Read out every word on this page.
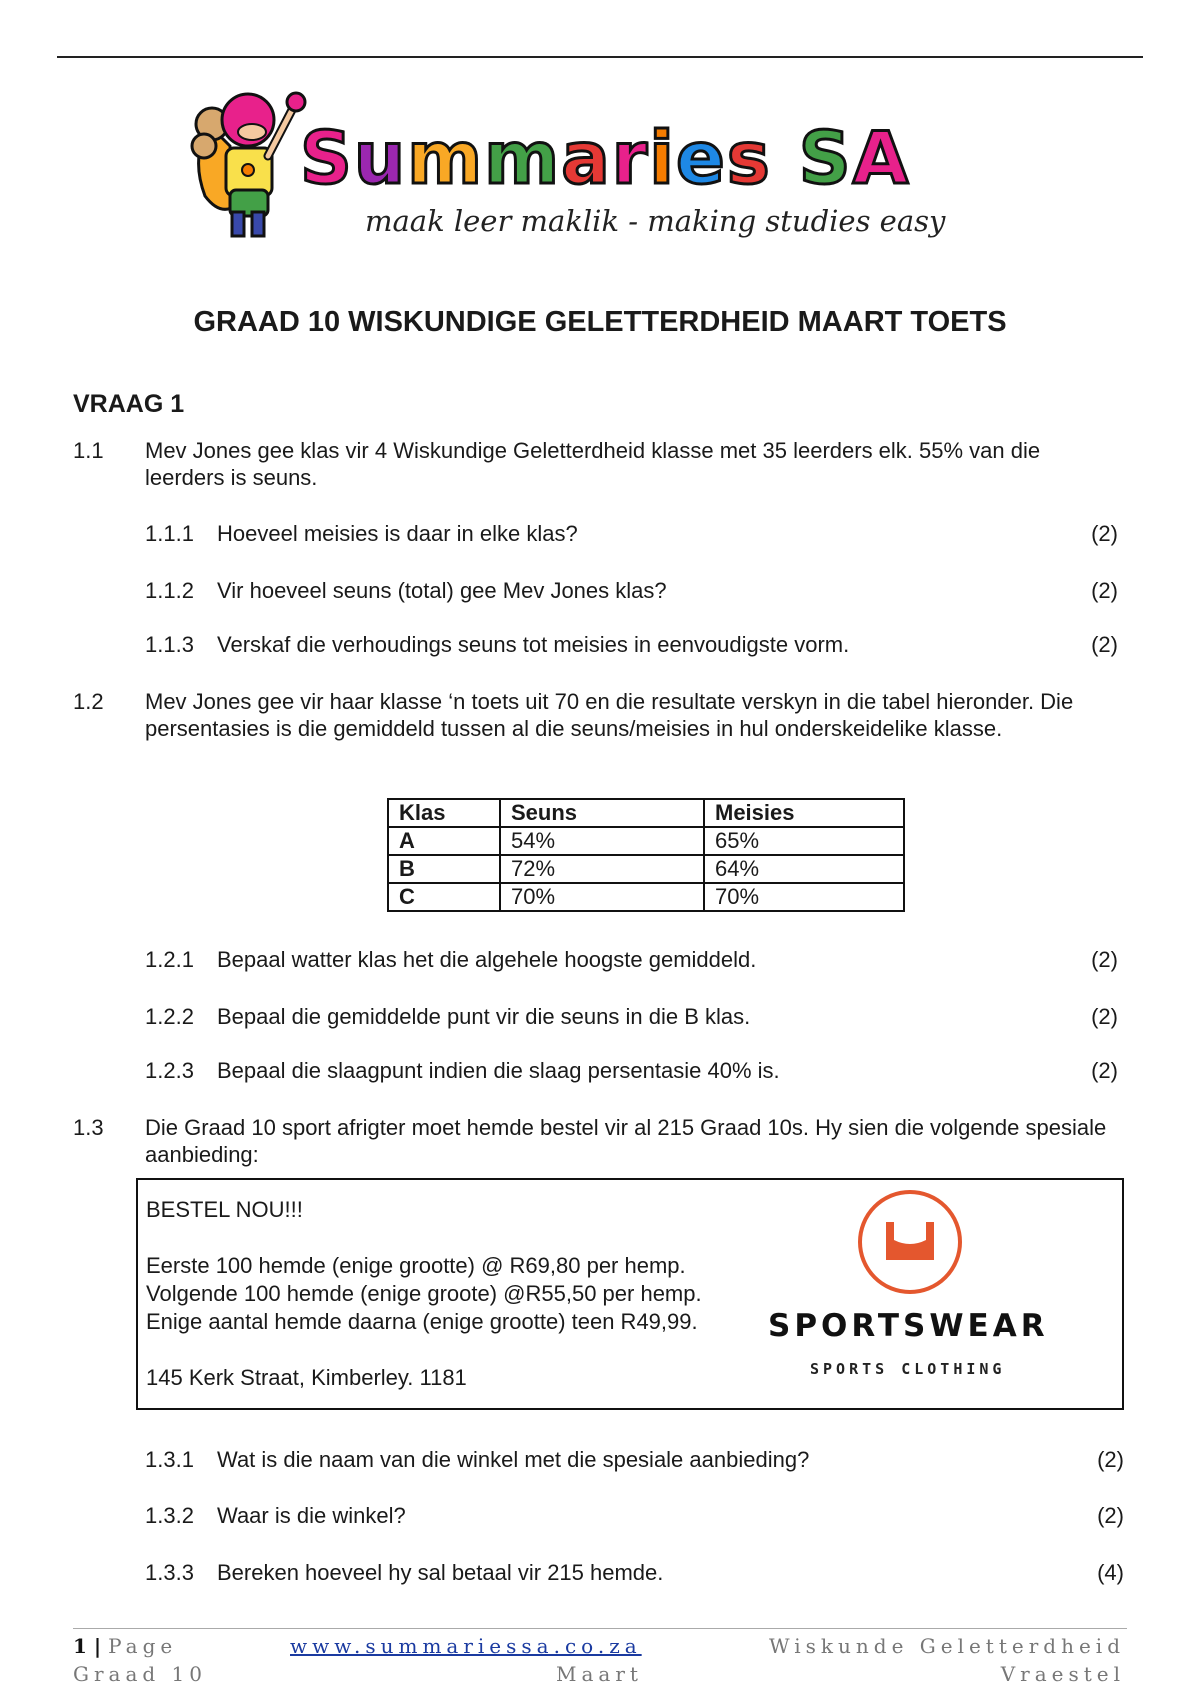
Summaries SA
maak leer maklik - making studies easy
GRAAD 10 WISKUNDIGE GELETTERDHEID MAART TOETS
VRAAG 1
1.1 Mev Jones gee klas vir 4 Wiskundige Geletterdheid klasse met 35 leerders elk. 55% van die leerders is seuns.
1.1.1 Hoeveel meisies is daar in elke klas?	(2)
1.1.2 Vir hoeveel seuns (total) gee Mev Jones klas?	(2)
1.1.3 Verskaf die verhoudings seuns tot meisies in eenvoudigste vorm.	(2)
1.2 Mev Jones gee vir haar klasse ‘n toets uit 70 en die resultate verskyn in die tabel hieronder. Die persentasies is die gemiddeld tussen al die seuns/meisies in hul onderskeidelike klasse.
Klas	Seuns	Meisies
A	54%	65%
B	72%	64%
C	70%	70%
1.2.1 Bepaal watter klas het die algehele hoogste gemiddeld.	(2)
1.2.2 Bepaal die gemiddelde punt vir die seuns in die B klas.	(2)
1.2.3 Bepaal die slaagpunt indien die slaag persentasie 40% is.	(2)
1.3 Die Graad 10 sport afrigter moet hemde bestel vir al 215 Graad 10s. Hy sien die volgende spesiale aanbieding:
BESTEL NOU!!!
Eerste 100 hemde (enige grootte) @ R69,80 per hemp.
Volgende 100 hemde (enige groote) @R55,50 per hemp.
Enige aantal hemde daarna (enige grootte) teen R49,99.
145 Kerk Straat, Kimberley. 1181
SPORTSWEAR
SPORTS CLOTHING
1.3.1 Wat is die naam van die winkel met die spesiale aanbieding?	(2)
1.3.2 Waar is die winkel?	(2)
1.3.3 Bereken hoeveel hy sal betaal vir 215 hemde.	(4)
1 | Page
Graad 10
www.summariessa.co.za
Maart
Wiskunde Geletterdheid
Vraestel
